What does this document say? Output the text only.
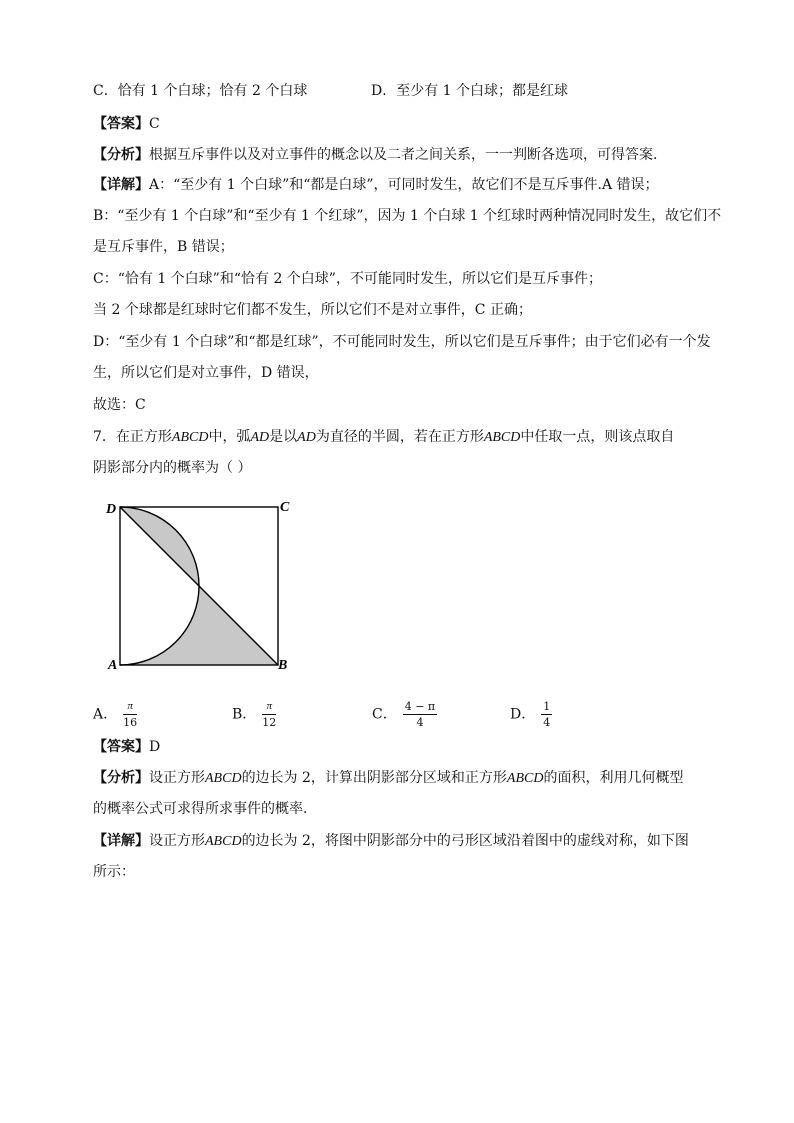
C．恰有 1 个白球；恰有 2 个白球	D．至少有 1 个白球；都是红球
【答案】C
【分析】根据互斥事件以及对立事件的概念以及二者之间关系，一一判断各选项，可得答案.
【详解】A：“至少有 1 个白球”和“都是白球”，可同时发生，故它们不是互斥事件.A 错误；
B：“至少有 1 个白球”和“至少有 1 个红球”，因为 1 个白球 1 个红球时两种情况同时发生，故它们不
是互斥事件，B 错误；
C：“恰有 1 个白球”和“恰有 2 个白球”，不可能同时发生，所以它们是互斥事件；
当 2 个球都是红球时它们都不发生，所以它们不是对立事件，C 正确；
D：“至少有 1 个白球”和“都是红球”，不可能同时发生，所以它们是互斥事件；由于它们必有一个发
生，所以它们是对立事件，D 错误，
故选：C
7．在正方形ABCD中，弧AD是以AD为直径的半圆，若在正方形ABCD中任取一点，则该点取自
阴影部分内的概率为（ ）
D	C
A	B
A． $\frac{\pi}{16}$	B． $\frac{\pi}{12}$	C． $\frac{4 - \pi}{4}$	D． $\frac{1}{4}$
【答案】D
【分析】设正方形ABCD的边长为 2，计算出阴影部分区域和正方形ABCD的面积，利用几何概型
的概率公式可求得所求事件的概率.
【详解】设正方形ABCD的边长为 2，将图中阴影部分中的弓形区域沿着图中的虚线对称，如下图
所示：
